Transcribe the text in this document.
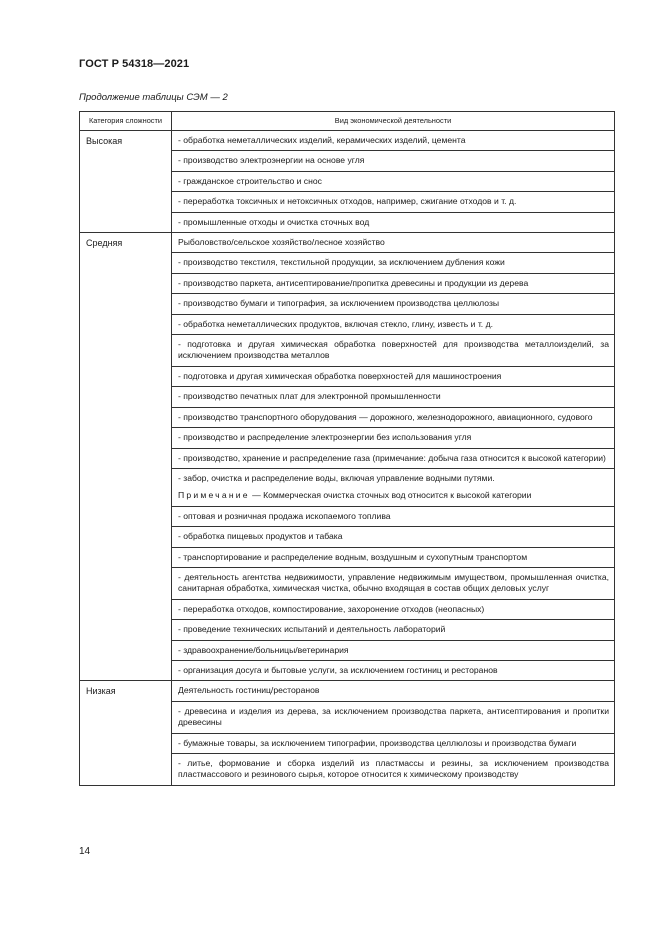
ГОСТ Р 54318—2021
Продолжение таблицы СЭМ — 2
Категория сложности	Вид экономической деятельности
Высокая	- обработка неметаллических изделий, керамических изделий, цемента
	- производство электроэнергии на основе угля
	- гражданское строительство и снос
	- переработка токсичных и нетоксичных отходов, например, сжигание отходов и т. д.
	- промышленные отходы и очистка сточных вод
Средняя	Рыболовство/сельское хозяйство/лесное хозяйство
	- производство текстиля, текстильной продукции, за исключением дубления кожи
	- производство паркета, антисептирование/пропитка древесины и продукции из дерева
	- производство бумаги и типография, за исключением производства целлюлозы
	- обработка неметаллических продуктов, включая стекло, глину, известь и т. д.
	- подготовка и другая химическая обработка поверхностей для производства металлоизделий, за исключением производства металлов
	- подготовка и другая химическая обработка поверхностей для машиностроения
	- производство печатных плат для электронной промышленности
	- производство транспортного оборудования — дорожного, железнодорожного, авиационного, судового
	- производство и распределение электроэнергии без использования угля
	- производство, хранение и распределение газа (примечание: добыча газа относится к высокой категории)

	- забор, очистка и распределение воды, включая управление водными путями.
Примечание — Коммерческая очистка сточных вод относится к высокой категории

	- оптовая и розничная продажа ископаемого топлива
	- обработка пищевых продуктов и табака
	- транспортирование и распределение водным, воздушным и сухопутным транспортом
	- деятельность агентства недвижимости, управление недвижимым имуществом, промышленная очистка, санитарная обработка, химическая чистка, обычно входящая в состав общих деловых услуг
	- переработка отходов, компостирование, захоронение отходов (неопасных)
	- проведение технических испытаний и деятельность лабораторий
	- здравоохранение/больницы/ветеринария
	- организация досуга и бытовые услуги, за исключением гостиниц и ресторанов
Низкая	Деятельность гостиниц/ресторанов
	- древесина и изделия из дерева, за исключением производства паркета, антисептирования и пропитки древесины
	- бумажные товары, за исключением типографии, производства целлюлозы и производства бумаги
	- литье, формование и сборка изделий из пластмассы и резины, за исключением производства пластмассового и резинового сырья, которое относится к химическому производству
14
